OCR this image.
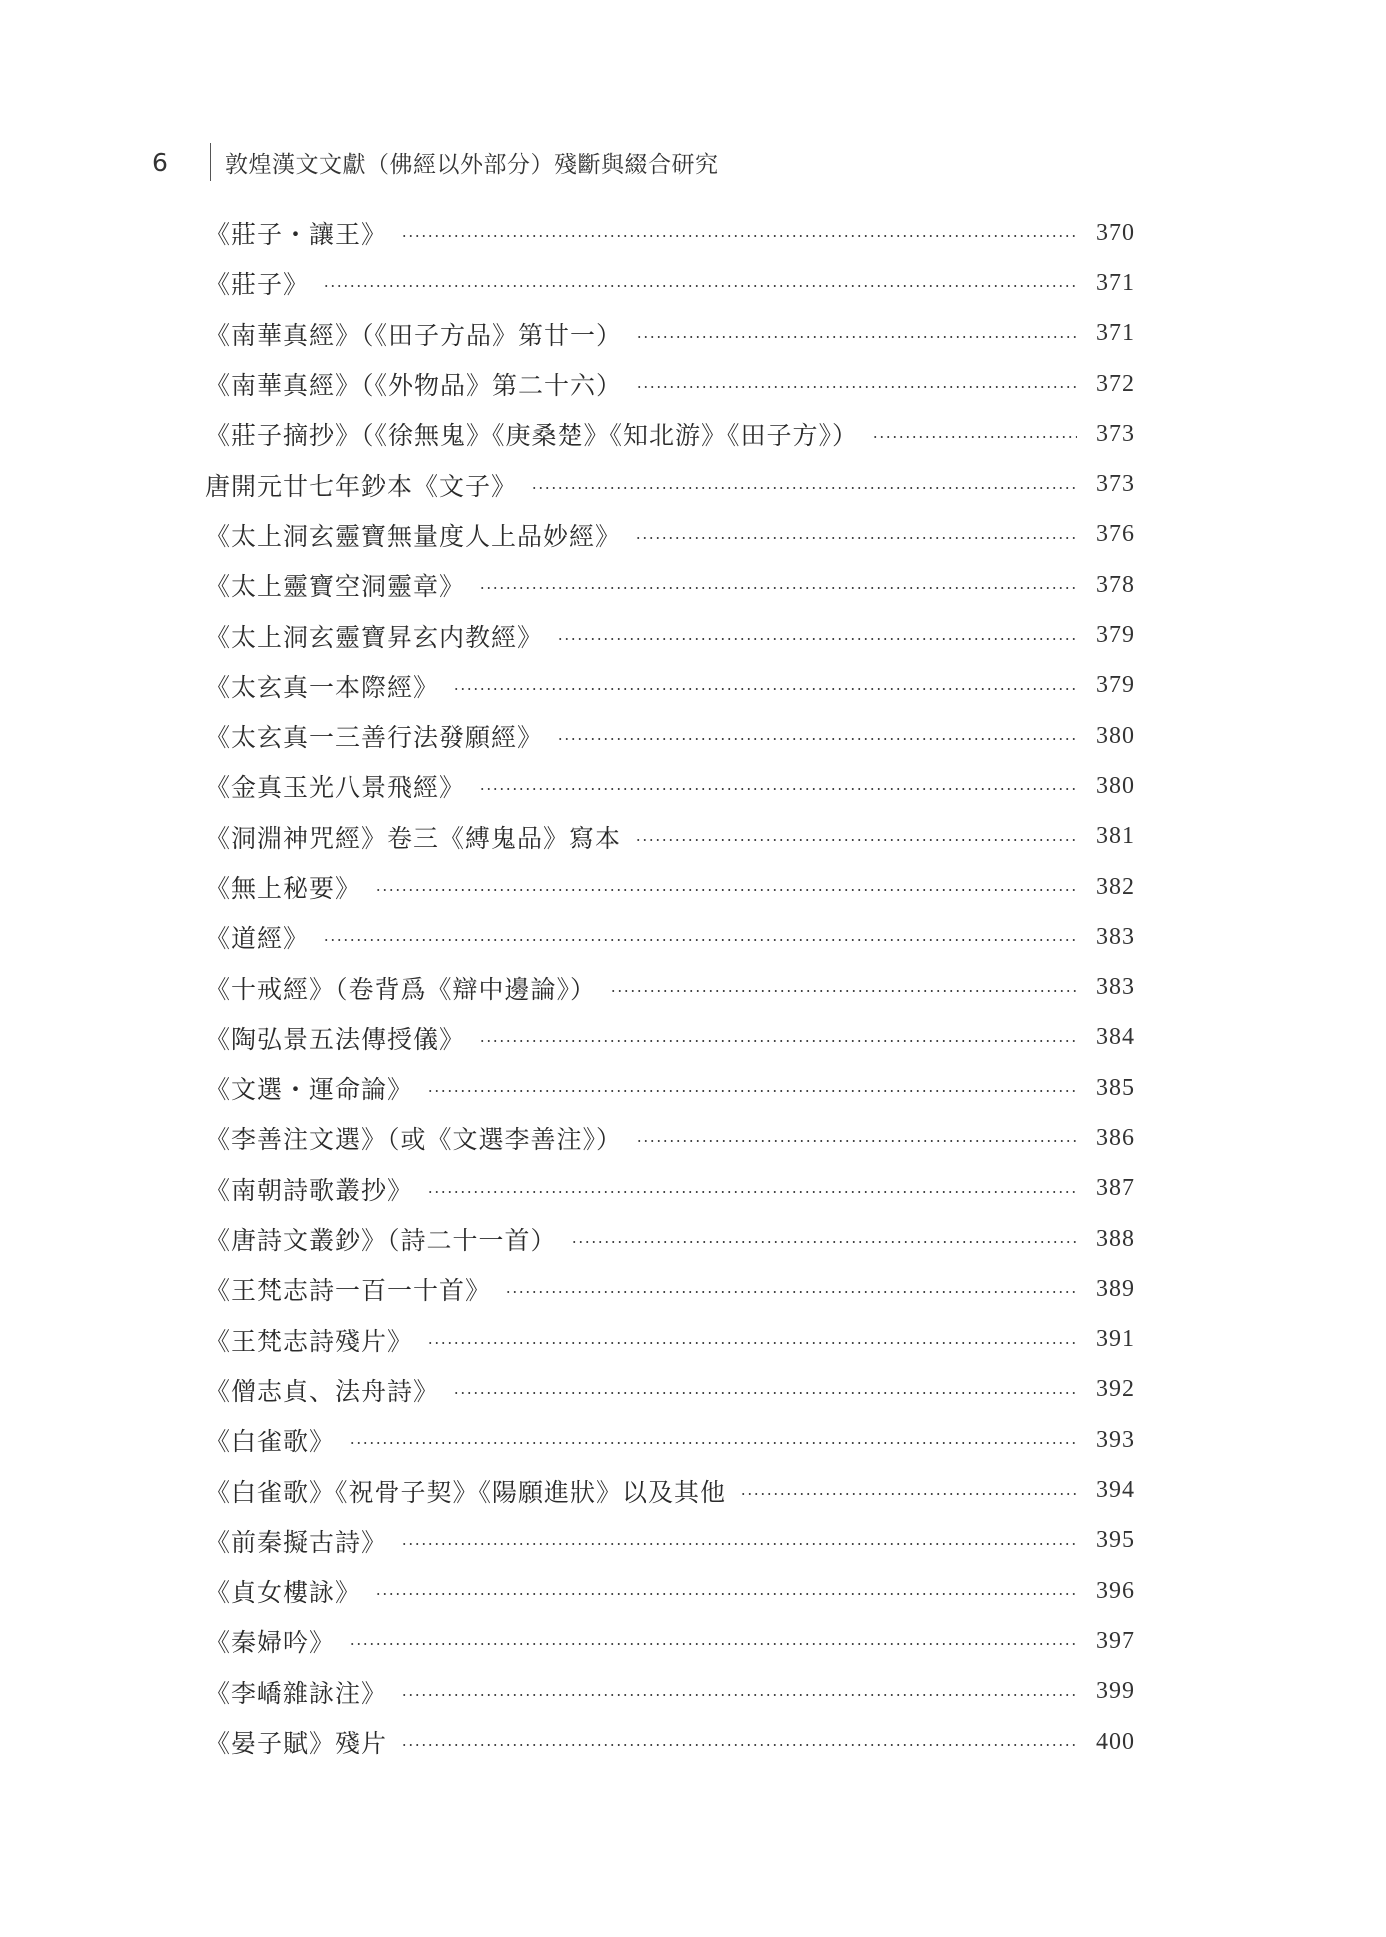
6	敦煌漢文文獻（佛經以外部分）殘斷與綴合研究
《莊子・讓王》	370
《莊子》	371
《南華真經》（《田子方品》第廿一）	371
《南華真經》（《外物品》第二十六）	372
《莊子摘抄》（《徐無鬼》《庚桑楚》《知北游》《田子方》）	373
唐開元廿七年鈔本《文子》	373
《太上洞玄靈寶無量度人上品妙經》	376
《太上靈寶空洞靈章》	378
《太上洞玄靈寶昇玄内教經》	379
《太玄真一本際經》	379
《太玄真一三善行法發願經》	380
《金真玉光八景飛經》	380
《洞淵神咒經》卷三《縛鬼品》寫本	381
《無上秘要》	382
《道經》	383
《十戒經》（卷背爲《辯中邊論》）	383
《陶弘景五法傳授儀》	384
《文選・運命論》	385
《李善注文選》（或《文選李善注》）	386
《南朝詩歌叢抄》	387
《唐詩文叢鈔》（詩二十一首）	388
《王梵志詩一百一十首》	389
《王梵志詩殘片》	391
《僧志貞、法舟詩》	392
《白雀歌》	393
《白雀歌》《祝骨子契》《陽願進狀》以及其他	394
《前秦擬古詩》	395
《貞女樓詠》	396
《秦婦吟》	397
《李嶠雜詠注》	399
《晏子賦》殘片	400
